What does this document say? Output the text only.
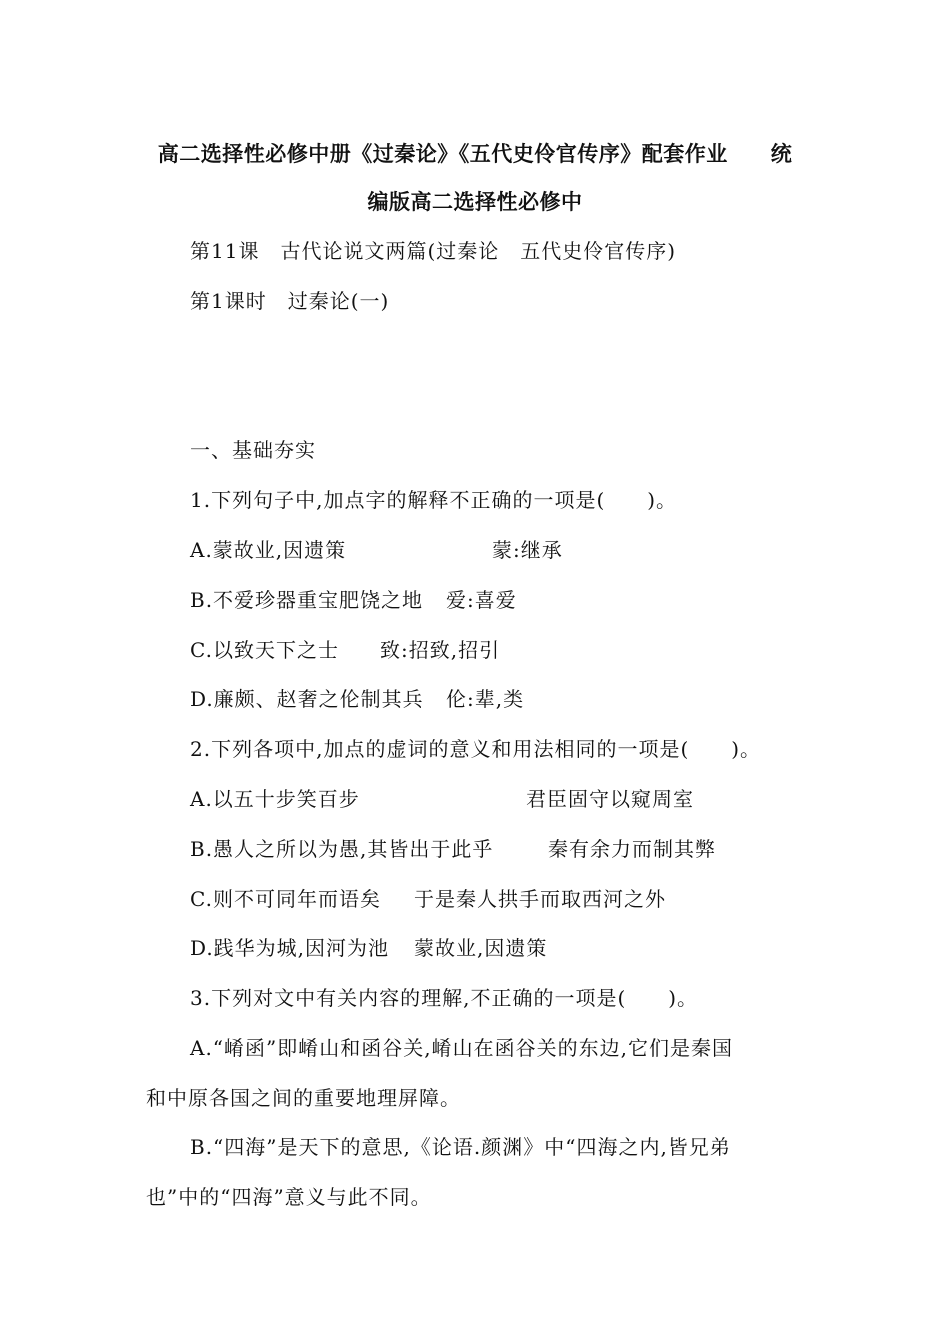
高二选择性必修中册《过秦论》《五代史伶官传序》配套作业　　统
编版高二选择性必修中
第11课　古代论说文两篇(过秦论　五代史伶官传序)
第1课时　过秦论(一)
一、基础夯实
1.下列句子中,加点字的解释不正确的一项是(　　)。
A.蒙故业,因遗策	蒙:继承
B.不爱珍器重宝肥饶之地 爱:喜爱
C.以致天下之士 致:招致,招引
D.廉颇、赵奢之伦制其兵 伦:辈,类
2.下列各项中,加点的虚词的意义和用法相同的一项是(　　)。
A.以五十步笑百步	君臣固守以窥周室
B.愚人之所以为愚,其皆出于此乎	秦有余力而制其弊
C.则不可同年而语矣 于是秦人拱手而取西河之外
D.践华为城,因河为池 蒙故业,因遗策
3.下列对文中有关内容的理解,不正确的一项是(　　)。
A.“崤函”即崤山和函谷关,崤山在函谷关的东边,它们是秦国
和中原各国之间的重要地理屏障。
B.“四海”是天下的意思,《论语.颜渊》中“四海之内,皆兄弟
也”中的“四海”意义与此不同。
